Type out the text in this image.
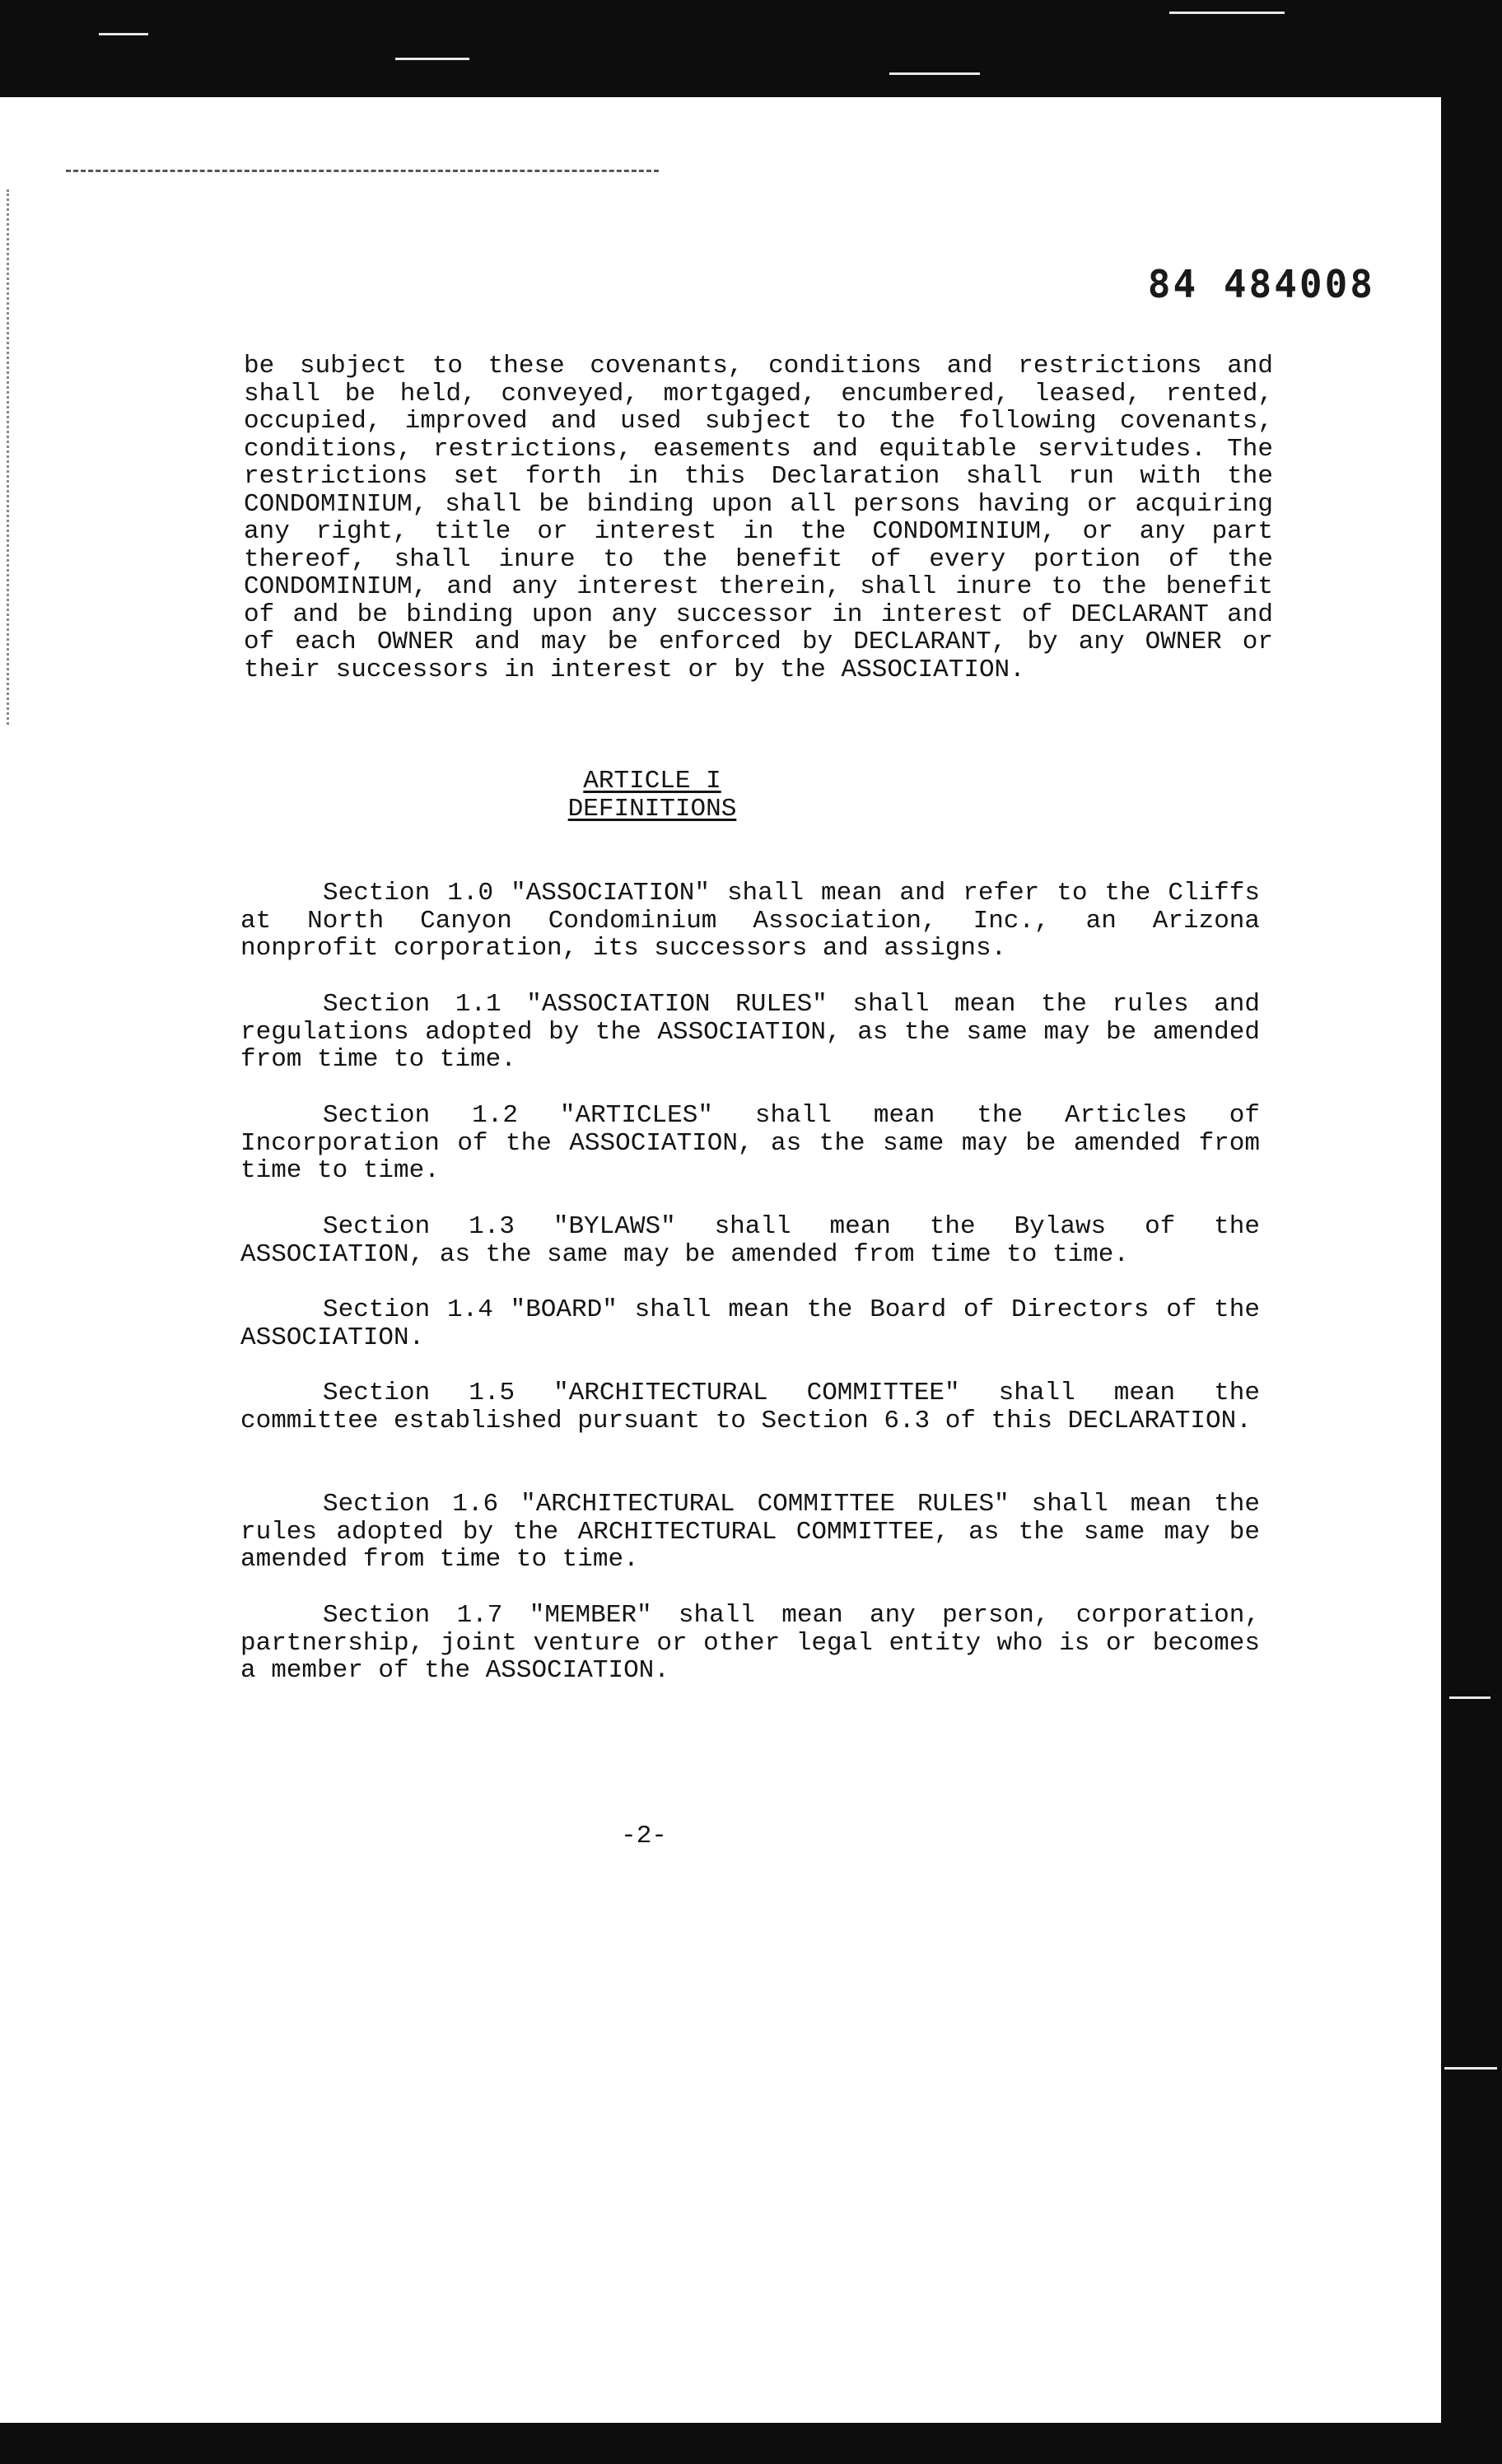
84 484008
be subject to these covenants, conditions and restrictions and shall be held, conveyed, mortgaged, encumbered, leased, rented, occupied, improved and used subject to the following covenants, conditions, restrictions, easements and equitable servitudes. The restrictions set forth in this Declaration shall run with the CONDOMINIUM, shall be binding upon all persons having or acquiring any right, title or interest in the CONDOMINIUM, or any part thereof, shall inure to the benefit of every portion of the CONDOMINIUM, and any interest therein, shall inure to the benefit of and be binding upon any successor in interest of DECLARANT and of each OWNER and may be enforced by DECLARANT, by any OWNER or their successors in interest or by the ASSOCIATION.
ARTICLE I
DEFINITIONS
Section 1.0 "ASSOCIATION" shall mean and refer to the Cliffs at North Canyon Condominium Association, Inc., an Arizona nonprofit corporation, its successors and assigns.
Section 1.1 "ASSOCIATION RULES" shall mean the rules and regulations adopted by the ASSOCIATION, as the same may be amended from time to time.
Section 1.2 "ARTICLES" shall mean the Articles of Incorporation of the ASSOCIATION, as the same may be amended from time to time.
Section 1.3 "BYLAWS" shall mean the Bylaws of the ASSOCIATION, as the same may be amended from time to time.
Section 1.4 "BOARD" shall mean the Board of Directors of the ASSOCIATION.
Section 1.5 "ARCHITECTURAL COMMITTEE" shall mean the committee established pursuant to Section 6.3 of this DECLARATION.
Section 1.6 "ARCHITECTURAL COMMITTEE RULES" shall mean the rules adopted by the ARCHITECTURAL COMMITTEE, as the same may be amended from time to time.
Section 1.7 "MEMBER" shall mean any person, corporation, partnership, joint venture or other legal entity who is or becomes a member of the ASSOCIATION.
-2-
